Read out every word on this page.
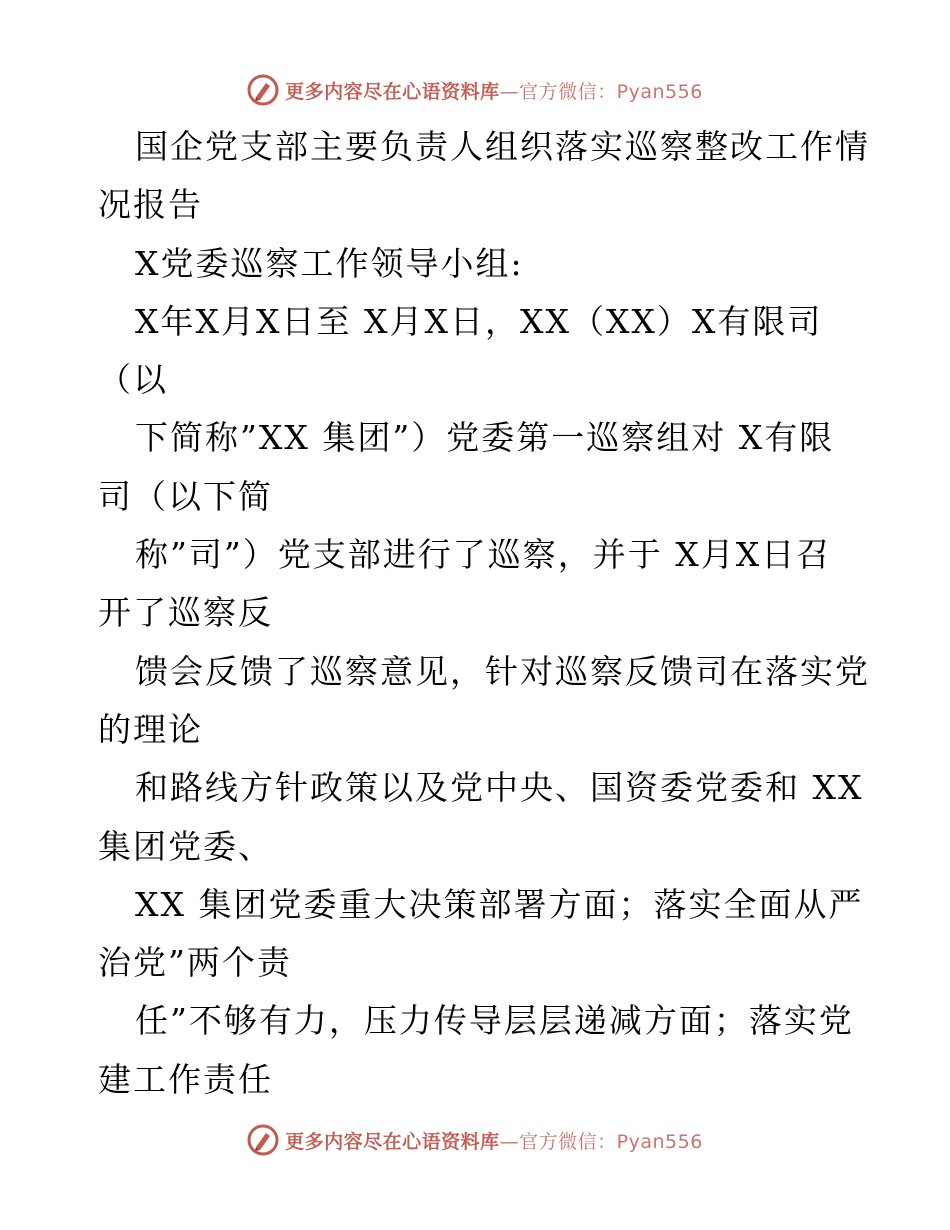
更多内容尽在心语资料库—官方微信：Pyan556
国企党支部主要负责人组织落实巡察整改工作情
况报告
X党委巡察工作领导小组:
X年X月X日至 X月X日，XX（XX）X有限司
（以
下简称”XX 集团”）党委第一巡察组对 X有限
司（以下简
称”司”）党支部进行了巡察，并于 X月X日召
开了巡察反
馈会反馈了巡察意见，针对巡察反馈司在落实党
的理论
和路线方针政策以及党中央、国资委党委和 XX
集团党委、
XX 集团党委重大决策部署方面；落实全面从严
治党”两个责
任”不够有力，压力传导层层递减方面；落实党
建工作责任
更多内容尽在心语资料库—官方微信：Pyan556
